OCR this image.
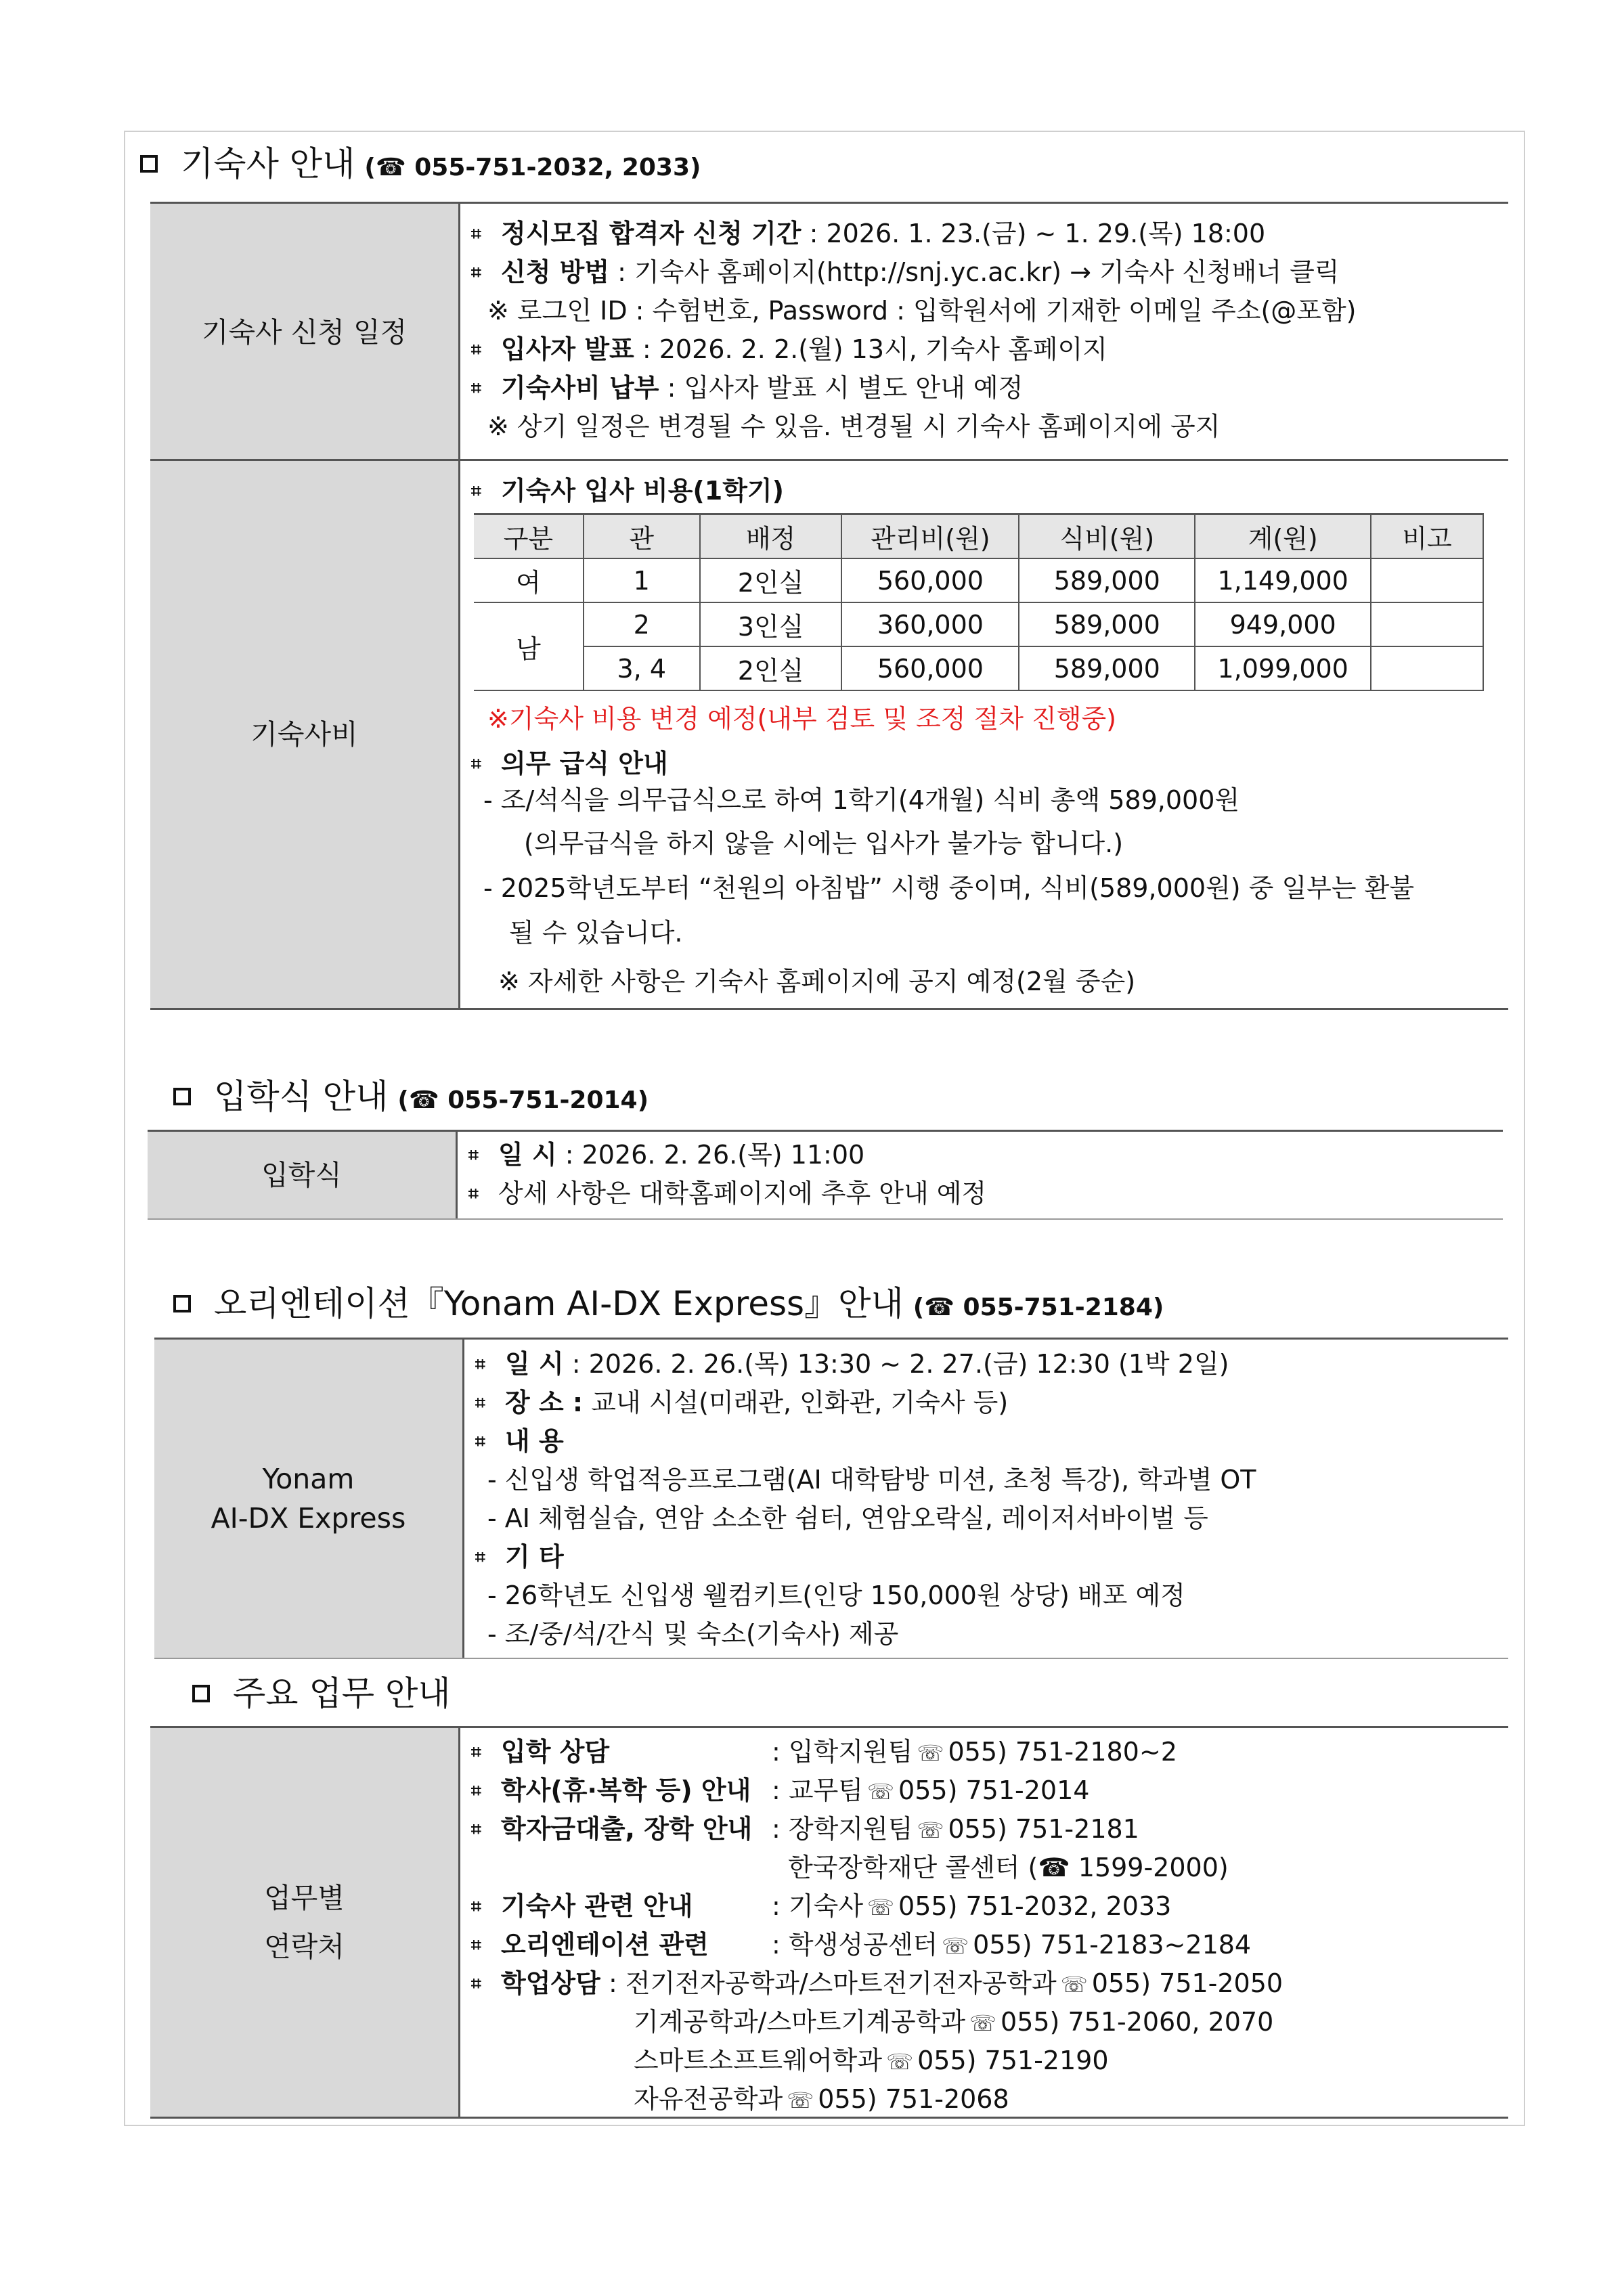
기숙사 안내 (☎ 055-751-2032, 2033)
기숙사 신청 일정
⌗ 정시모집 합격자 신청 기간 : 2026. 1. 23.(금) ~ 1. 29.(목) 18:00
⌗ 신청 방법 : 기숙사 홈페이지(http://snj.yc.ac.kr) → 기숙사 신청배너 클릭
※ 로그인 ID : 수험번호, Password : 입학원서에 기재한 이메일 주소(@포함)
⌗ 입사자 발표 : 2026. 2. 2.(월) 13시, 기숙사 홈페이지
⌗ 기숙사비 납부 : 입사자 발표 시 별도 안내 예정
※ 상기 일정은 변경될 수 있음. 변경될 시 기숙사 홈페이지에 공지
기숙사비
⌗ 기숙사 입사 비용(1학기)
구분	관	배정	관리비(원)	식비(원)	계(원)	비고
여	1	2인실	560,000	589,000	1,149,000	
남	2	3인실	360,000	589,000	949,000	
	3, 4	2인실	560,000	589,000	1,099,000	
※기숙사 비용 변경 예정(내부 검토 및 조정 절차 진행중)
⌗ 의무 급식 안내
- 조/석식을 의무급식으로 하여 1학기(4개월) 식비 총액 589,000원
(의무급식을 하지 않을 시에는 입사가 불가능 합니다.)
- 2025학년도부터 “천원의 아침밥” 시행 중이며, 식비(589,000원) 중 일부는 환불
될 수 있습니다.
※ 자세한 사항은 기숙사 홈페이지에 공지 예정(2월 중순)
입학식 안내 (☎ 055-751-2014)
입학식
⌗ 일 시 : 2026. 2. 26.(목) 11:00
⌗ 상세 사항은 대학홈페이지에 추후 안내 예정
오리엔테이션『Yonam AI-DX Express』안내 (☎ 055-751-2184)
Yonam
AI-DX Express
⌗ 일 시 : 2026. 2. 26.(목) 13:30 ~ 2. 27.(금) 12:30 (1박 2일)
⌗ 장 소 : 교내 시설(미래관, 인화관, 기숙사 등)
⌗ 내 용
- 신입생 학업적응프로그램(AI 대학탐방 미션, 초청 특강), 학과별 OT
- AI 체험실습, 연암 소소한 쉼터, 연암오락실, 레이저서바이벌 등
⌗ 기 타
- 26학년도 신입생 웰컴키트(인당 150,000원 상당) 배포 예정
- 조/중/석/간식 및 숙소(기숙사) 제공
주요 업무 안내
업무별
연락처
⌗ 입학 상담	: 입학지원팀 ☏ 055) 751-2180~2
⌗ 학사(휴·복학 등) 안내 : 교무팀 ☏ 055) 751-2014
⌗ 학자금대출, 장학 안내 : 장학지원팀 ☏ 055) 751-2181
한국장학재단 콜센터 (☎ 1599-2000)
⌗ 기숙사 관련 안내	: 기숙사 ☏ 055) 751-2032, 2033
⌗ 오리엔테이션 관련 : 학생성공센터 ☏ 055) 751-2183~2184
⌗ 학업상담 : 전기전자공학과/스마트전기전자공학과 ☏ 055) 751-2050
기계공학과/스마트기계공학과 ☏ 055) 751-2060, 2070
스마트소프트웨어학과 ☏ 055) 751-2190
자유전공학과 ☏ 055) 751-2068
